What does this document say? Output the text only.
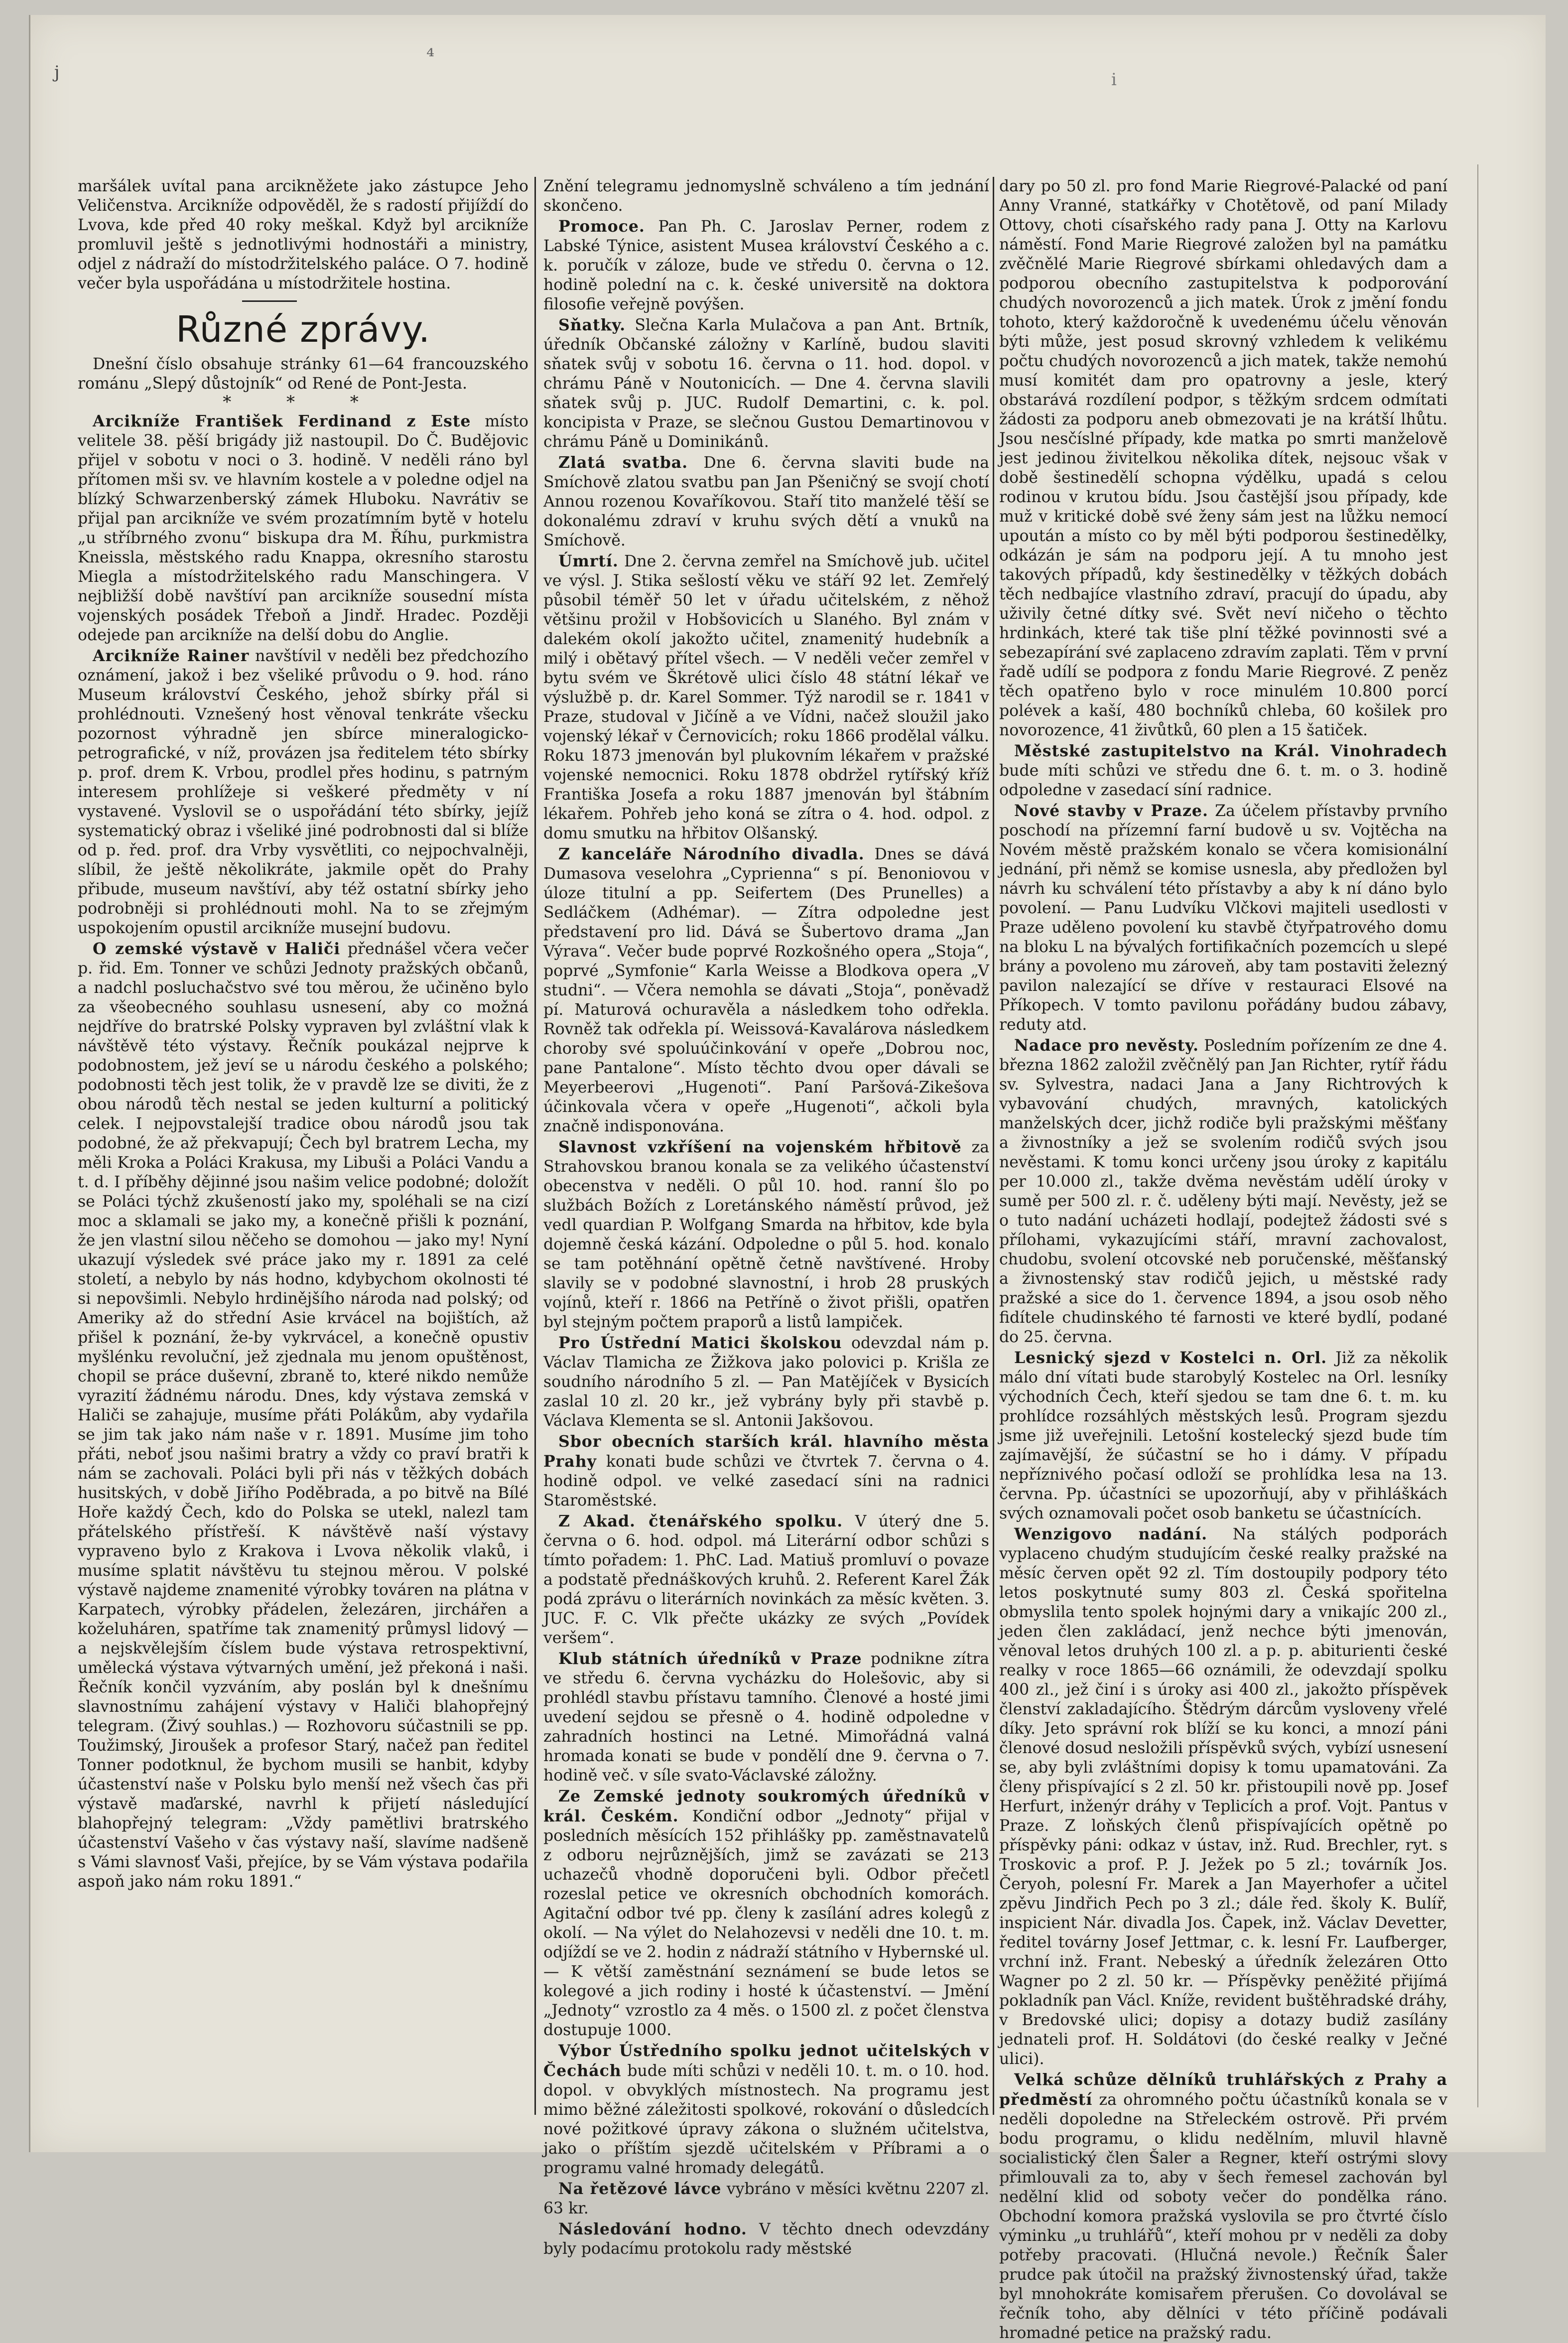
j
⁴
i

maršálek uvítal pana arcikněžete jako zástupce Jeho Veličenstva. Arcikníže odpověděl, že s radostí přijíždí do Lvova, kde před 40 roky meškal. Když byl arcikníže promluvil ještě s jednotlivými hodnostáři a ministry, odjel z nádraží do místodržitelského paláce. O 7. hodině večer byla uspořádána u místodržitele hostina.

Různé zprávy.

Dnešní číslo obsahuje stránky 61—64 francouzského románu „Slepý důstojník“ od René de Pont-Jesta.

* * *

Arcikníže František Ferdinand z Este místo velitele 38. pěší brigády již nastoupil. Do Č. Budějovic přijel v sobotu v noci o 3. hodině. V neděli ráno byl přítomen mši sv. ve hlavním kostele a v poledne odjel na blízký Schwarzenberský zámek Hluboku. Navrátiv se přijal pan arcikníže ve svém prozatímním bytě v hotelu „u stříbrného zvonu“ biskupa dra M. Říhu, purkmistra Kneissla, městského radu Knappa, okresního starostu Miegla a místodržitelského radu Manschingera. V nejbližší době navštíví pan arcikníže sousední místa vojenských posádek Třeboň a Jindř. Hradec. Později odejede pan arcikníže na delší dobu do Anglie.

Arcikníže Rainer navštívil v neděli bez předchozího oznámení, jakož i bez všeliké průvodu o 9. hod. ráno Museum království Českého, jehož sbírky přál si prohlédnouti. Vznešený host věnoval tenkráte všecku pozornost výhradně jen sbírce mineralogicko-petrografické, v níž, provázen jsa ředitelem této sbírky p. prof. drem K. Vrbou, prodlel přes hodinu, s patrným interesem prohlížeje si veškeré předměty v ní vystavené. Vyslovil se o uspořádání této sbírky, jejíž systematický obraz i všeliké jiné podrobnosti dal si blíže od p. řed. prof. dra Vrby vysvětliti, co nejpochvalněji, slíbil, že ještě několikráte, jakmile opět do Prahy přibude, museum navštíví, aby též ostatní sbírky jeho podrobněji si prohlédnouti mohl. Na to se zřejmým uspokojením opustil arcikníže musejní budovu.

O zemské výstavě v Haliči přednášel včera večer p. řid. Em. Tonner ve schůzi Jednoty pražských občanů, a nadchl posluchačstvo své tou měrou, že učiněno bylo za všeobecného souhlasu usnesení, aby co možná nejdříve do bratrské Polsky vypraven byl zvláštní vlak k návštěvě této výstavy. Řečník poukázal nejprve k podobnostem, jež jeví se u národu českého a polského; podobnosti těch jest tolik, že v pravdě lze se diviti, že z obou národů těch nestal se jeden kulturní a politický celek. I nejpovstalejší tradice obou národů jsou tak podobné, že až překvapují; Čech byl bratrem Lecha, my měli Kroka a Poláci Krakusa, my Libuši a Poláci Vandu a t. d. I příběhy dějinné jsou našim velice podobné; doložít se Poláci týchž zkušeností jako my, spoléhali se na cizí moc a sklamali se jako my, a konečně přišli k poznání, že jen vlastní silou něčeho se domohou — jako my! Nyní ukazují výsledek své práce jako my r. 1891 za celé století, a nebylo by nás hodno, kdybychom okolnosti té si nepovšimli. Nebylo hrdinějšího národa nad polský; od Ameriky až do střední Asie krvácel na bojištích, až přišel k poznání, že-by vykrvácel, a konečně opustiv myšlénku revoluční, jež zjednala mu jenom opuštěnost, chopil se práce duševní, zbraně to, které nikdo nemůže vyrazití žádnému národu. Dnes, kdy výstava zemská v Haliči se zahajuje, musíme přáti Polákům, aby vydařila se jim tak jako nám naše v r. 1891. Musíme jim toho přáti, neboť jsou našimi bratry a vždy co praví bratři k nám se zachovali. Poláci byli při nás v těžkých dobách husitských, v době Jiřího Poděbrada, a po bitvě na Bílé Hoře každý Čech, kdo do Polska se utekl, nalezl tam přátelského přístřeší. K návštěvě naší výstavy vypraveno bylo z Krakova i Lvova několik vlaků, i musíme splatit návštěvu tu stejnou měrou. V polské výstavě najdeme znamenité výrobky továren na plátna v Karpatech, výrobky přádelen, železáren, jirchářen a koželuháren, spatříme tak znamenitý průmysl lidový — a nejskvělejším číslem bude výstava retrospektivní, umělecká výstava výtvarných umění, jež překoná i naši. Řečník končil vyzváním, aby poslán byl k dnešnímu slavnostnímu zahájení výstavy v Haliči blahopřejný telegram. (Živý souhlas.) — Rozhovoru súčastnili se pp. Toužimský, Jiroušek a profesor Starý, načež pan ředitel Tonner podotknul, že bychom musili se hanbit, kdyby účastenství naše v Polsku bylo menší než všech čas při výstavě maďarské, navrhl k přijetí následující blahopřejný telegram: „Vždy pamětlivi bratrského účastenství Vašeho v čas výstavy naší, slavíme nadšeně s Vámi slavnosť Vaši, přejíce, by se Vám výstava podařila aspoň jako nám roku 1891.“

Znění telegramu jednomyslně schváleno a tím jednání skončeno.

Promoce. Pan Ph. C. Jaroslav Perner, rodem z Labské Týnice, asistent Musea království Českého a c. k. poručík v záloze, bude ve středu 0. června o 12. hodině polední na c. k. české universitě na doktora filosofie veřejně povýšen.

Sňatky. Slečna Karla Mulačova a pan Ant. Brtník, úředník Občanské záložny v Karlíně, budou slaviti sňatek svůj v sobotu 16. června o 11. hod. dopol. v chrámu Páně v Noutonicích. — Dne 4. června slavili sňatek svůj p. JUC. Rudolf Demartini, c. k. pol. koncipista v Praze, se slečnou Gustou Demartinovou v chrámu Páně u Dominikánů.

Zlatá svatba. Dne 6. června slaviti bude na Smíchově zlatou svatbu pan Jan Pšeničný se svojí chotí Annou rozenou Kovaříkovou. Staří tito manželé těší se dokonalému zdraví v kruhu svých dětí a vnuků na Smíchově.

Úmrtí. Dne 2. června zemřel na Smíchově jub. učitel ve výsl. J. Stika sešlostí věku ve stáří 92 let. Zemřelý působil téměř 50 let v úřadu učitelském, z něhož většinu prožil v Hobšovicích u Slaného. Byl znám v dalekém okolí jakožto učitel, znamenitý hudebník a milý i obětavý přítel všech. — V neděli večer zemřel v bytu svém ve Škrétově ulici číslo 48 státní lékař ve výslužbě p. dr. Karel Sommer. Týž narodil se r. 1841 v Praze, studoval v Jičíně a ve Vídni, načež sloužil jako vojenský lékař v Černovicích; roku 1866 prodělal válku. Roku 1873 jmenován byl plukovním lékařem v pražské vojenské nemocnici. Roku 1878 obdržel rytířský kříž Františka Josefa a roku 1887 jmenován byl štábním lékařem. Pohřeb jeho koná se zítra o 4. hod. odpol. z domu smutku na hřbitov Olšanský.

Z kanceláře Národního divadla. Dnes se dává Dumasova veselohra „Cyprienna“ s pí. Benoniovou v úloze titulní a pp. Seifertem (Des Prunelles) a Sedláčkem (Adhémar). — Zítra odpoledne jest představení pro lid. Dává se Šubertovo drama „Jan Výrava“. Večer bude poprvé Rozkošného opera „Stoja“, poprvé „Symfonie“ Karla Weisse a Blodkova opera „V studni“. — Včera nemohla se dávati „Stoja“, poněvadž pí. Maturová ochuravěla a následkem toho odřekla. Rovněž tak odřekla pí. Weissová-Kavalárova následkem choroby své spoluúčinkování v opeře „Dobrou noc, pane Pantalone“. Místo těchto dvou oper dávali se Meyerbeerovi „Hugenoti“. Paní Paršová-Zikešova účinkovala včera v opeře „Hugenoti“, ačkoli byla značně indisponována.

Slavnost vzkříšení na vojenském hřbitově za Strahovskou branou konala se za velikého účastenství obecenstva v neděli. O půl 10. hod. ranní šlo po službách Božích z Loretánského náměstí průvod, jež vedl quardian P. Wolfgang Smarda na hřbitov, kde byla dojemně česká kázání. Odpoledne o půl 5. hod. konalo se tam potěhnání opětně četně navštívené. Hroby slavily se v podobné slavnostní, i hrob 28 pruských vojínů, kteří r. 1866 na Petříně o život přišli, opatřen byl stejným počtem praporů a listů lampiček.

Pro Ústřední Matici školskou odevzdal nám p. Václav Tlamicha ze Žižkova jako polovici p. Krišla ze soudního národního 5 zl. — Pan Matějíček v Bysicích zaslal 10 zl. 20 kr., jež vybrány byly při stavbě p. Václava Klementa se sl. Antonii Jakšovou.

Sbor obecních starších král. hlavního města Prahy konati bude schůzi ve čtvrtek 7. června o 4. hodině odpol. ve velké zasedací síni na radnici Staroměstské.

Z Akad. čtenářského spolku. V úterý dne 5. června o 6. hod. odpol. má Literární odbor schůzi s tímto pořadem: 1. PhC. Lad. Matiuš promluví o povaze a podstatě přednáškových kruhů. 2. Referent Karel Žák podá zprávu o literárních novinkách za měsíc květen. 3. JUC. F. C. Vlk přečte ukázky ze svých „Povídek veršem“.

Klub státních úředníků v Praze podnikne zítra ve středu 6. června vycházku do Holešovic, aby si prohlédl stavbu přístavu tamního. Členové a hosté jimi uvedení sejdou se přesně o 4. hodině odpoledne v zahradních hostinci na Letné. Mimořádná valná hromada konati se bude v pondělí dne 9. června o 7. hodině več. v síle svato-Václavské záložny.

Ze Zemské jednoty soukromých úředníků v král. Českém. Kondiční odbor „Jednoty“ přijal v posledních měsících 152 přihlášky pp. zaměstnavatelů z odboru nejrůznějších, jimž se zavázati se 213 uchazečů vhodně doporučeni byli. Odbor přečetl rozeslal petice ve okresních obchodních komorách. Agitační odbor tvé pp. členy k zasílání adres kolegů z okolí. — Na výlet do Nelahozevsi v neděli dne 10. t. m. odjíždí se ve 2. hodin z nádraží státního v Hybernské ul. — K větší zaměstnání seznámení se bude letos se kolegové a jich rodiny i hosté k účastenství. — Jmění „Jednoty“ vzrostlo za 4 měs. o 1500 zl. z počet členstva dostupuje 1000.

Výbor Ústředního spolku jednot učitelských v Čechách bude míti schůzi v neděli 10. t. m. o 10. hod. dopol. v obvyklých místnostech. Na programu jest mimo běžné záležitosti spolkové, rokování o důsledcích nové požitkové úpravy zákona o služném učitelstva, jako o příštím sjezdě učitelském v Příbrami a o programu valné hromady delegátů.

Na řetězové lávce vybráno v měsíci květnu 2207 zl. 63 kr.

Následování hodno. V těchto dnech odevzdány byly podacímu protokolu rady městské

dary po 50 zl. pro fond Marie Riegrové-Palacké od paní Anny Vranné, statkářky v Chotětově, od paní Milady Ottovy, choti císařského rady pana J. Otty na Karlovu náměstí. Fond Marie Riegrové založen byl na památku zvěčnělé Marie Riegrové sbírkami ohledavých dam a podporou obecního zastupitelstva k podporování chudých novorozenců a jich matek. Úrok z jmění fondu tohoto, který každoročně k uvedenému účelu věnován býti může, jest posud skrovný vzhledem k velikému počtu chudých novorozenců a jich matek, takže nemohú musí komitét dam pro opatrovny a jesle, který obstarává rozdílení podpor, s těžkým srdcem odmítati žádosti za podporu aneb obmezovati je na krátší lhůtu. Jsou nesčíslné případy, kde matka po smrti manželově jest jedinou živitelkou několika dítek, nejsouc však v době šestinedělí schopna výdělku, upadá s celou rodinou v krutou bídu. Jsou častější jsou případy, kde muž v kritické době své ženy sám jest na lůžku nemocí upoután a místo co by měl býti podporou šestinedělky, odkázán je sám na podporu její. A tu mnoho jest takových případů, kdy šestinedělky v těžkých dobách těch nedbajíce vlastního zdraví, pracují do úpadu, aby uživily četné dítky své. Svět neví ničeho o těchto hrdinkách, které tak tiše plní těžké povinnosti své a sebezapírání své zaplaceno zdravím zaplati. Těm v první řadě udílí se podpora z fondu Marie Riegrové. Z peněz těch opatřeno bylo v roce minulém 10.800 porcí polévek a kaší, 480 bochníků chleba, 60 košilek pro novorozence, 41 živůtků, 60 plen a 15 šatiček.

Městské zastupitelstvo na Král. Vinohradech bude míti schůzi ve středu dne 6. t. m. o 3. hodině odpoledne v zasedací síní radnice.

Nové stavby v Praze. Za účelem přístavby prvního poschodí na přízemní farní budově u sv. Vojtěcha na Novém městě pražském konalo se včera komisionální jednání, při němž se komise usnesla, aby předložen byl návrh ku schválení této přístavby a aby k ní dáno bylo povolení. — Panu Ludvíku Vlčkovi majiteli usedlosti v Praze uděleno povolení ku stavbě čtyřpatrového domu na bloku L na bývalých fortifikačních pozemcích u slepé brány a povoleno mu zároveň, aby tam postaviti železný pavilon nalezající se dříve v restauraci Elsové na Příkopech. V tomto pavilonu pořádány budou zábavy, reduty atd.

Nadace pro nevěsty. Posledním pořízením ze dne 4. března 1862 založil zvěčnělý pan Jan Richter, rytíř řádu sv. Sylvestra, nadaci Jana a Jany Richtrových k vybavování chudých, mravných, katolických manželských dcer, jichž rodiče byli pražskými měšťany a živnostníky a jež se svolením rodičů svých jsou nevěstami. K tomu konci určeny jsou úroky z kapitálu per 10.000 zl., takže dvěma nevěstám udělí úroky v sumě per 500 zl. r. č. uděleny býti mají. Nevěsty, jež se o tuto nadání ucházeti hodlají, podejtež žádosti své s přílohami, vykazujícími stáří, mravní zachovalost, chudobu, svolení otcovské neb poručenské, měšťanský a živnostenský stav rodičů jejich, u městské rady pražské a sice do 1. července 1894, a jsou osob něho fidítele chudinského té farnosti ve které bydlí, podané do 25. června.

Lesnický sjezd v Kostelci n. Orl. Již za několik málo dní vítati bude starobylý Kostelec na Orl. lesníky východních Čech, kteří sjedou se tam dne 6. t. m. ku prohlídce rozsáhlých městských lesů. Program sjezdu jsme již uveřejnili. Letošní kostelecký sjezd bude tím zajímavější, že súčastní se ho i dámy. V případu nepříznivého počasí odloží se prohlídka lesa na 13. června. Pp. účastníci se upozorňují, aby v přihláškách svých oznamovali počet osob banketu se účastnících.

Wenzigovo nadání. Na stálých podporách vyplaceno chudým studujícím české realky pražské na měsíc červen opět 92 zl. Tím dostoupily podpory této letos poskytnuté sumy 803 zl. Česká spořitelna obmyslila tento spolek hojnými dary a vnikajíc 200 zl., jeden člen zakládací, jenž nechce býti jmenován, věnoval letos druhých 100 zl. a p. p. abiturienti české realky v roce 1865—66 oznámili, že odevzdají spolku 400 zl., jež činí i s úroky asi 400 zl., jakožto příspěvek členství zakladajícího. Štědrým dárcům vysloveny vřelé díky. Jeto správní rok blíží se ku konci, a mnozí páni členové dosud nesložili příspěvků svých, vybízí usnesení se, aby byli zvláštními dopisy k tomu upamatováni. Za členy přispívající s 2 zl. 50 kr. přistoupili nově pp. Josef Herfurt, inženýr dráhy v Teplicích a prof. Vojt. Pantus v Praze. Z loňských členů přispívajících opětně po příspěvky páni: odkaz v ústav, inž. Rud. Brechler, ryt. s Troskovic a prof. P. J. Ježek po 5 zl.; továrník Jos. Čeryoh, polesní Fr. Marek a Jan Mayerhofer a učitel zpěvu Jindřich Pech po 3 zl.; dále řed. školy K. Bulíř, inspicient Nár. divadla Jos. Čapek, inž. Václav Devetter, ředitel továrny Josef Jettmar, c. k. lesní Fr. Laufberger, vrchní inž. Frant. Nebeský a úředník železáren Otto Wagner po 2 zl. 50 kr. — Příspěvky peněžité přijímá pokladník pan Václ. Kníže, revident buštěhradské dráhy, v Bredovské ulici; dopisy a dotazy budiž zasílány jednateli prof. H. Soldátovi (do české realky v Ječné ulici).

Velká schůze dělníků truhlářských z Prahy a předměstí za ohromného počtu účastníků konala se v neděli dopoledne na Střeleckém ostrově. Při prvém bodu programu, o klidu nedělním, mluvil hlavně socialistický člen Šaler a Regner, kteří ostrými slovy přimlouvali za to, aby v šech řemesel zachován byl nedělní klid od soboty večer do pondělka ráno. Obchodní komora pražská vyslovila se pro čtvrté číslo výminku „u truhlářů“, kteří mohou pr v neděli za doby potřeby pracovati. (Hlučná nevole.) Řečník Šaler prudce pak útočil na pražský živnostenský úřad, takže byl mnohokráte komisařem přerušen. Co dovolával se řečník toho, aby dělníci v této příčině podávali hromadné petice na pražský radu.
